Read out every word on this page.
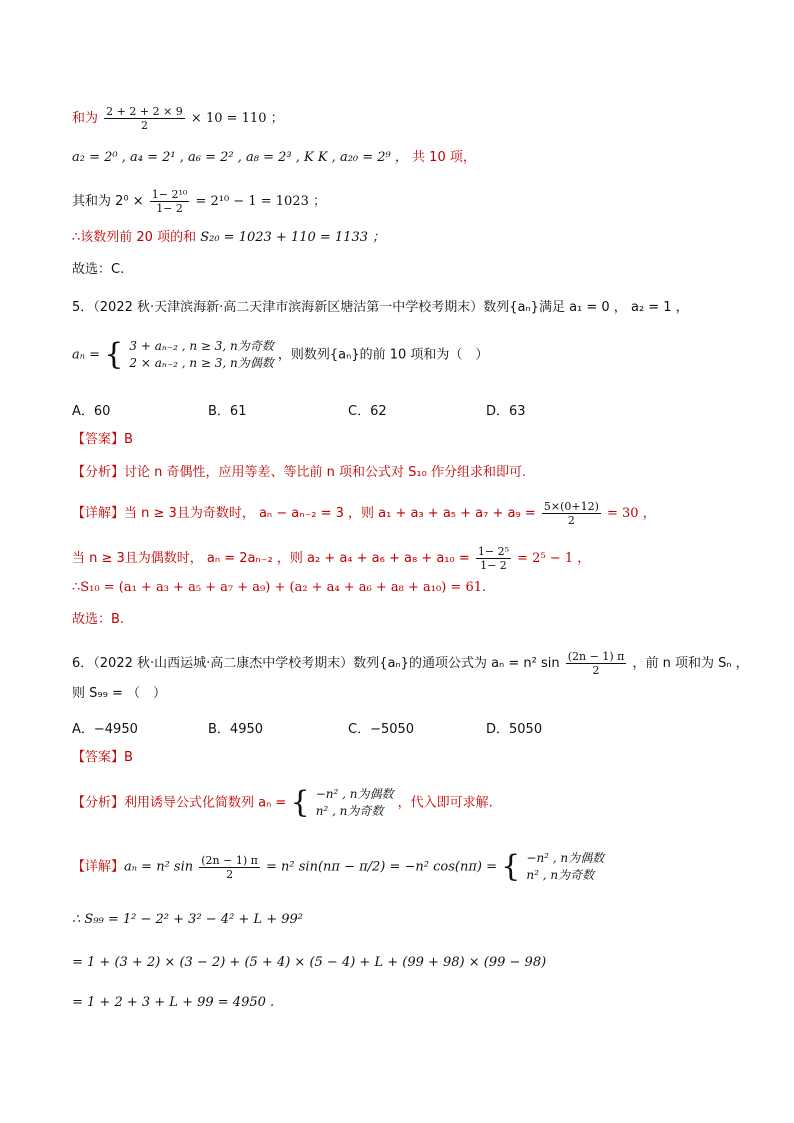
和为 $\frac{2 + 2 + 2 \times 9}{2} \times 10 = 110$ ；
a₂ = 2⁰ , a₄ = 2¹ , a₆ = 2² , a₈ = 2³ , K K , a₂₀ = 2⁹ ， 共 10 项，
其和为 $2^0 \times \frac{\text{1− 2¹⁰}}{1- 2} = 2^{10} - 1 = 1023$ ；
∴该数列前 20 项的和 S₂₀ = 1023 + 110 = 1133 ；
故选：C.
5．（2022 秋·天津滨海新·高二天津市滨海新区塘沽第一中学校考期末）数列{aₙ}满足 a₁ = 0 ， a₂ = 1 ，
aₙ = { 3 + aₙ₋₂ , n ≥ 3, n为奇数
2 × aₙ₋₂ , n ≥ 3, n为偶数
，则数列{aₙ}的前 10 项和为（　）
A．60	B．61	C．62	D．63
【答案】B
【分析】讨论 n 奇偶性，应用等差、等比前 n 项和公式对 S₁₀ 作分组求和即可.
【详解】当 n ≥ 3且为奇数时， aₙ − aₙ₋₂ = 3 ，则 $a_1 + a_3 + a_5 + a_7 + a_9 = \frac{5\times(0+12)}{2} = 30$ ，
当 n ≥ 3且为偶数时， aₙ = 2aₙ₋₂ ，则 $a_2 + a_4 + a_6 + a_8 + a_{10} = \frac{\text{1− 2⁵}}{1- 2} = 2^5 - 1$ ，
∴S₁₀ = (a₁ + a₃ + a₅ + a₇ + a₉) + (a₂ + a₄ + a₆ + a₈ + a₁₀) = 61.
故选：B.
6．（2022 秋·山西运城·高二康杰中学校考期末）数列{aₙ}的通项公式为 aₙ = n² $\sin \frac{(2n - 1) \pi}{2}$ ，前 n 项和为 Sₙ ，
则 S₉₉ = （　）
A．−4950	B．4950	C．−5050	D．5050
【答案】B
【分析】利用诱导公式化简数列 aₙ = { −n² , n为偶数
n² , n为奇数
，代入即可求解.
【详解】aₙ = n² $\sin \frac{(2n - 1) \pi}{2} = n^2$ sin(nπ − π/2) = −n² cos(nπ) = { −n² , n为偶数
n² , n为奇数
∴ S₉₉ = 1² − 2² + 3² − 4² + L + 99²
= 1 + (3 + 2) × (3 − 2) + (5 + 4) × (5 − 4) + L + (99 + 98) × (99 − 98)
= 1 + 2 + 3 + L + 99 = 4950 .
